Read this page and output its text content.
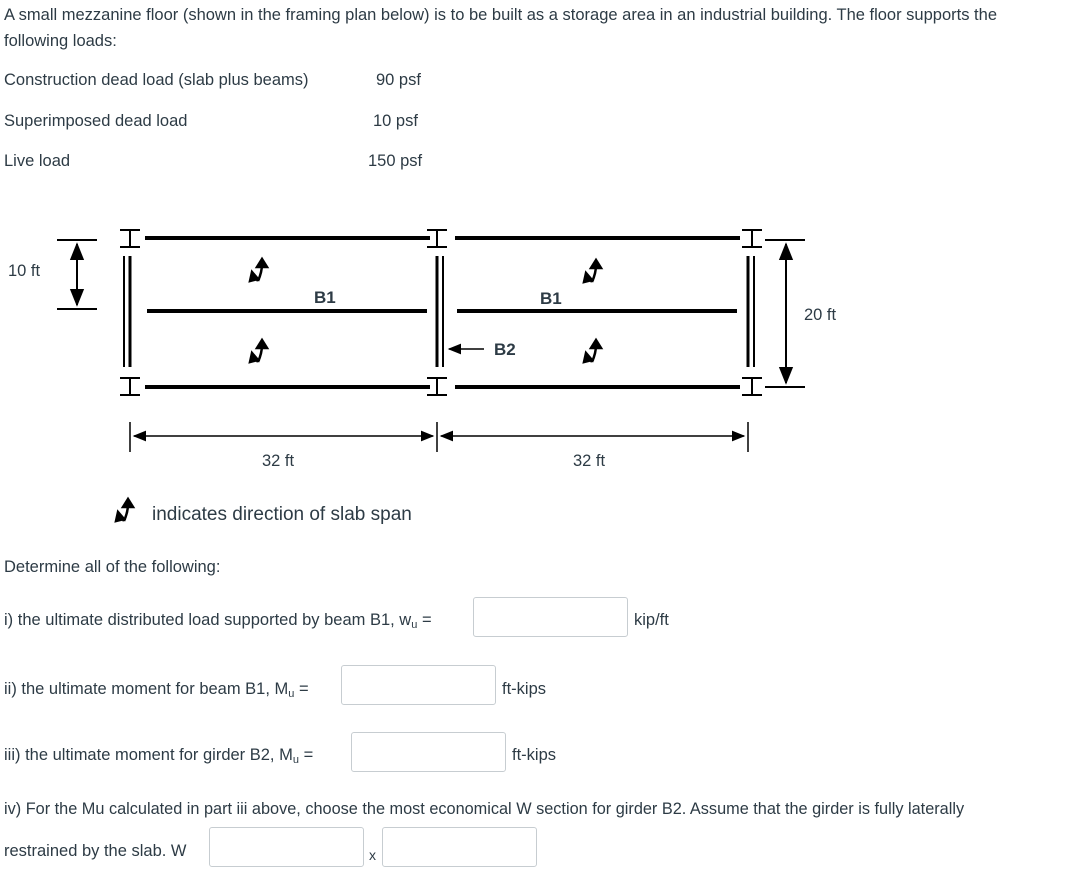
A small mezzanine floor (shown in the framing plan below) is to be built as a storage area in an industrial building. The floor supports the following loads:
Construction dead load (slab plus beams)	90 psf
Superimposed dead load	10 psf
Live load	150 psf
10 ft
20 ft
32 ft	32 ft
B1	B1
B2
indicates direction of slab span
Determine all of the following:
i) the ultimate distributed load supported by beam B1, $w_u$ =	kip/ft
ii) the ultimate moment for beam B1, $M_u$ =	ft-kips
iii) the ultimate moment for girder B2, $M_u$ =	ft-kips
iv) For the Mu calculated in part iii above, choose the most economical W section for girder B2. Assume that the girder is fully laterally
restrained by the slab. W	x
